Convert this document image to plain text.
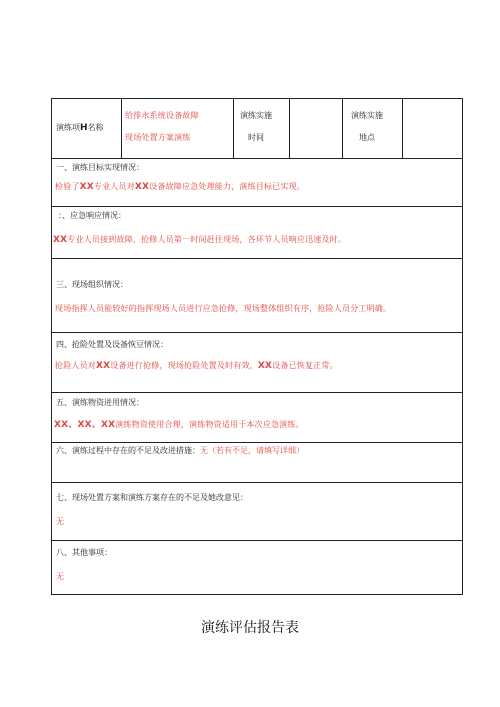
演练项H名称
给排水系统设备故障
现场处置方案演练
演练实施
时间
演练实施
地点
一、演练目标实现情况：
检验了XX专业人员对XX设备故障应急处理能力，演练目标已实现。
：、应急响应情况：
XX专业人员接到故障，抢修人员第一时间赶往现场，各环节人员响应迅速及时。
三、现场组织情况：
现场指挥人员能较好的指挥现场人员进行应急抢修，现场整体组织有序，抢险人员分工明确。
四、抢险处置及设备恢豆情况：
抢险人员对XX设备进行抢修，现场抢险处置及时有效，XX设备已恢复正常。
五、演练物资进用情况：
XX、XX、XX演练物资使用合理，演练物资适用于本次应急演练。
六、演练过程中存在的不足及改进措施：无（若有不足，请填写详细）
七、现场处置方案和演练方案存在的不足及她改意见：
无
八、其他事项：
无
演练评估报告表
